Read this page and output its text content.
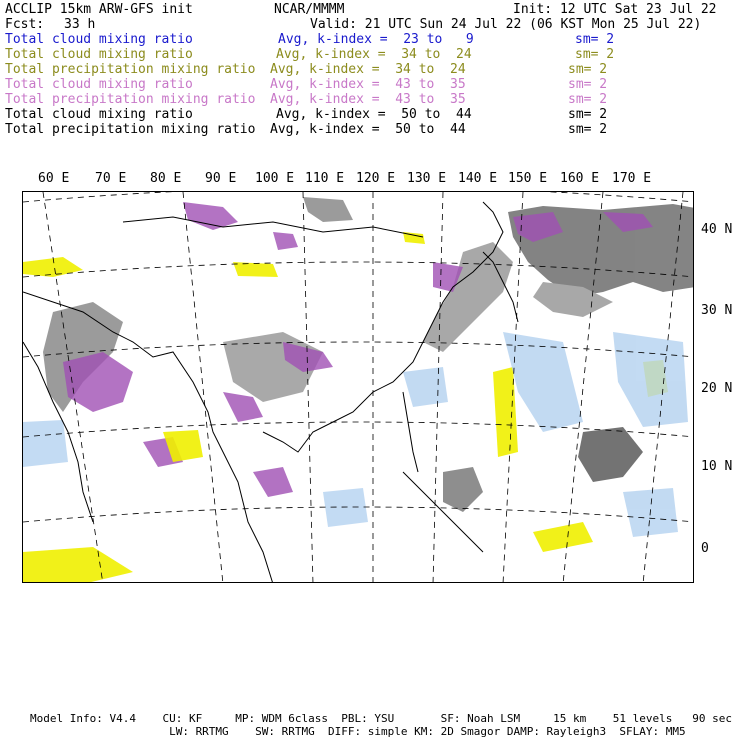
ACCLIP 15km ARW-GFS init	NCAR/MMMM	Init: 12 UTC Sat 23 Jul 22
Fcst: 33 h	Valid: 21 UTC Sun 24 Jul 22 (06 KST Mon 25 Jul 22)
Total cloud mixing ratio	Avg, k-index =  23 to   9	sm= 2
Total cloud mixing ratio	Avg, k-index =  34 to  24	sm= 2
Total precipitation mixing ratio Avg, k-index =  34 to  24	sm= 2
Total cloud mixing ratio	Avg, k-index =  43 to  35	sm= 2
Total precipitation mixing ratio Avg, k-index =  43 to  35	sm= 2
Total cloud mixing ratio	Avg, k-index =  50 to  44	sm= 2
Total precipitation mixing ratio Avg, k-index =  50 to  44	sm= 2
60 E 70 E 80 E 90 E 100 E 110 E 120 E 130 E 140 E 150 E 160 E 170 E
40 N
30 N
20 N
10 N
0
Model Info: V4.4    CU: KF     MP: WDM 6class  PBL: YSU       SF: Noah LSM     15 km    51 levels   90 sec
LW: RRTMG    SW: RRTMG  DIFF: simple KM: 2D Smagor DAMP: Rayleigh3  SFLAY: MM5
